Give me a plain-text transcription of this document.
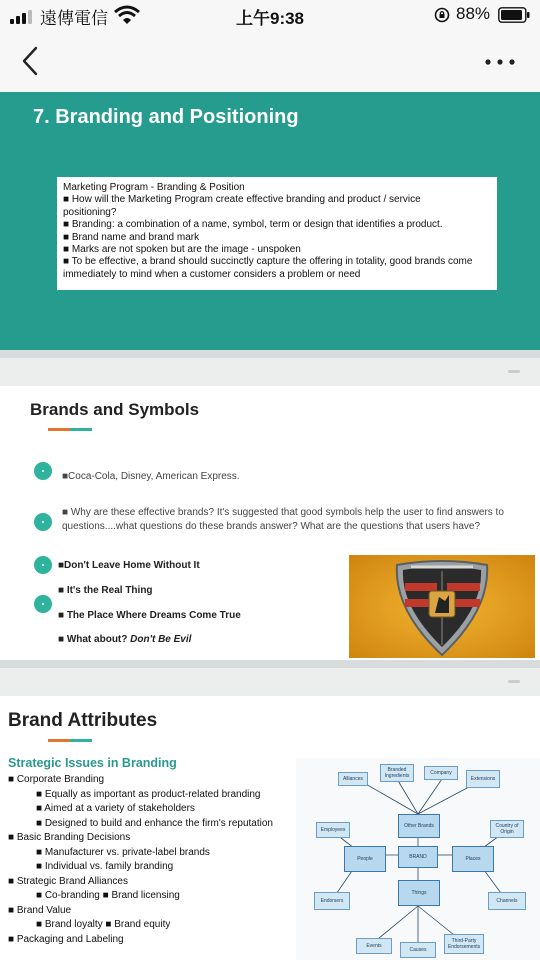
遠傳電信	上午9:38	88%
7. Branding and Positioning
Marketing Program - Branding & Position
■ How will the Marketing Program create effective branding and product / service
positioning?
■ Branding: a combination of a name, symbol, term or design that identifies a product.
■ Brand name and brand mark
■ Marks are not spoken but are the image - unspoken
■ To be effective, a brand should succinctly capture the offering in totality, good brands come
immediately to mind when a customer considers a problem or need
Brands and Symbols
■Coca-Cola, Disney, American Express.
■ Why are these effective brands? It's suggested that good symbols help the user to find answers to
questions....what questions do these brands answer? What are the questions that users have?
■Don't Leave Home Without It
■ It's the Real Thing
■ The Place Where Dreams Come True
■ What about? Don't Be Evil
Brand Attributes
Strategic Issues in Branding
■ Corporate Branding
■ Equally as important as product-related branding
■ Aimed at a variety of stakeholders
■ Designed to build and enhance the firm's reputation
■ Basic Branding Decisions
■ Manufacturer vs. private-label brands
■ Individual vs. family branding
■ Strategic Brand Alliances
■ Co-branding ■ Brand licensing
■ Brand Value
■ Brand loyalty ■ Brand equity
■ Packaging and Labeling
Alliances
Branded Ingredients	Company
Extensions
Employees
Other Brands	Country of Origin
People	BRAND	Places
Endorsers
Things
Channels
Events
Causes
Third-Party Endorsements
